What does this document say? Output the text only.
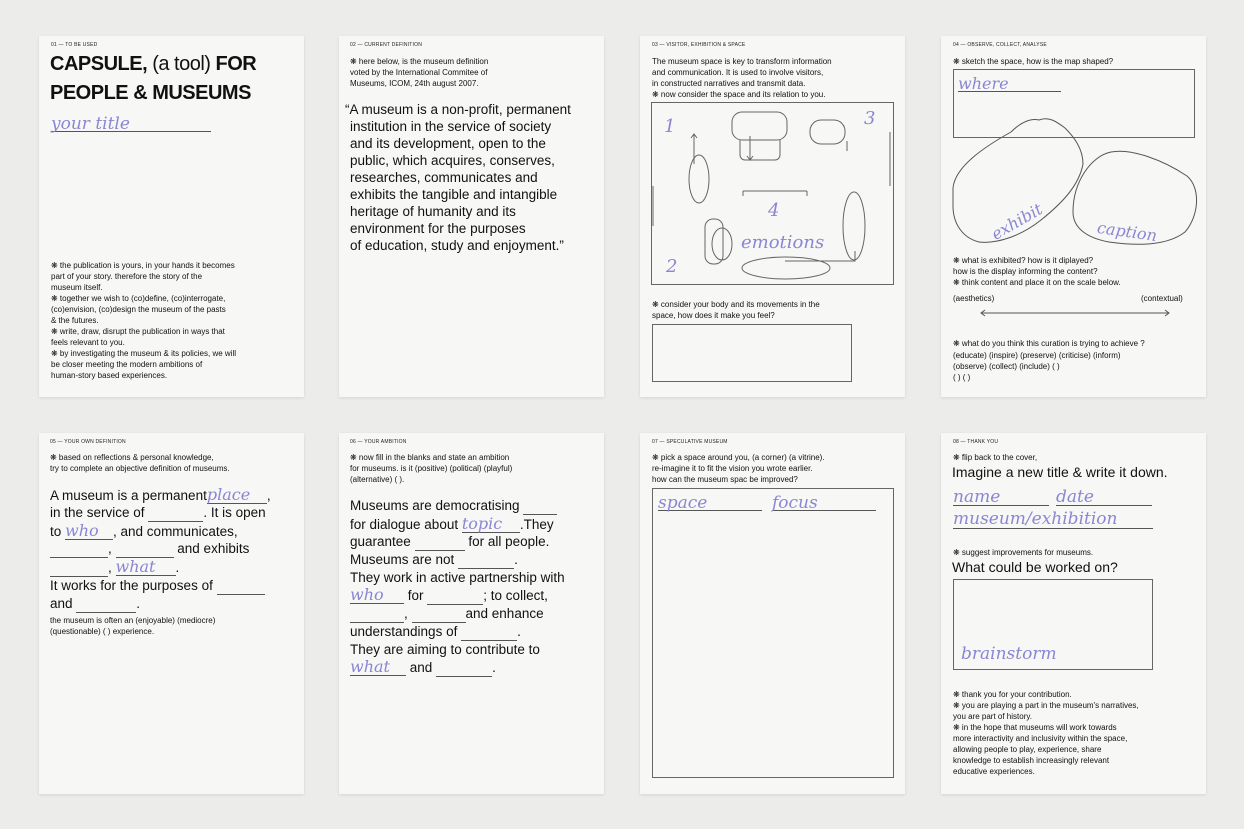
01 — TO BE USED
CAPSULE, (a tool) FOR
PEOPLE & MUSEUMS
your title
❋ the publication is yours, in your hands it becomes
part of your story. therefore the story of the
museum itself.
❋ together we wish to (co)define, (co)interrogate,
(co)envision, (co)design the museum of the pasts
& the futures.
❋ write, draw, disrupt the publication in ways that
feels relevant to you.
❋ by investigating the museum & its policies, we will
be closer meeting the modern ambitions of
human-story based experiences.
02 — CURRENT DEFINITION
❋ here below, is the museum definition
voted by the International Commitee of
Museums, ICOM, 24th august 2007.
“A museum is a non-profit, permanent
institution in the service of society
and its development, open to the
public, which acquires, conserves,
researches, communicates and
exhibits the tangible and intangible
heritage of humanity and its
environment for the purposes
of education, study and enjoyment.”
03 — VISITOR, EXHIBITION & SPACE
The museum space is key to transform information
and communication. It is used to involve visitors,
in constructed narratives and transmit data.
❋ now consider the space and its relation to you.
1	3
4
2
emotions
❋ consider your body and its movements in the
space, how does it make you feel?
04 — OBSERVE, COLLECT, ANALYSE
❋ sketch the space, how is the map shaped?
where
exhibit	caption
❋ what is exhibited? how is it diplayed?
how is the display informing the content?
❋ think content and place it on the scale below.
(aesthetics)	(contextual)
❋ what do you think this curation is trying to achieve ?
(educate) (inspire) (preserve) (criticise) (inform)
(observe) (collect) (include) ( )
( ) ( )
05 — YOUR OWN DEFINITION
❋ based on reflections & personal knowledge,
try to complete an objective definition of museums.
A museum is a permanentplace ,
in the service of	. It is open
to who , and communicates,
,	and exhibits
, what .
It works for the purposes of
and	.
the museum is often an (enjoyable) (mediocre)
(questionable) ( ) experience.
06 — YOUR AMBITION
❋ now fill in the blanks and state an ambition
for museums. is it (positive) (political) (playful)
(alternative) ( ).
Museums are democratising
for dialogue about topic .They
guarantee	for all people.
Museums are not	.
They work in active partnership with
who for	; to collect,
,	and enhance
understandings of	.
They are aiming to contribute to
what and	.
07 — SPECULATIVE MUSEUM
❋ pick a space around you, (a corner) (a vitrine).
re-imagine it to fit the vision you wrote earlier.
how can the museum spac be improved?
space	focus
08 — THANK YOU
❋ flip back to the cover,
Imagine a new title & write it down.
name	date
museum/exhibition
❋ suggest improvements for museums.
What could be worked on?
brainstorm
❋ thank you for your contribution.
❋ you are playing a part in the museum's narratives,
you are part of history.
❋ in the hope that museums will work towards
more interactivity and inclusivity within the space,
allowing people to play, experience, share
knowledge to establish increasingly relevant
educative experiences.
